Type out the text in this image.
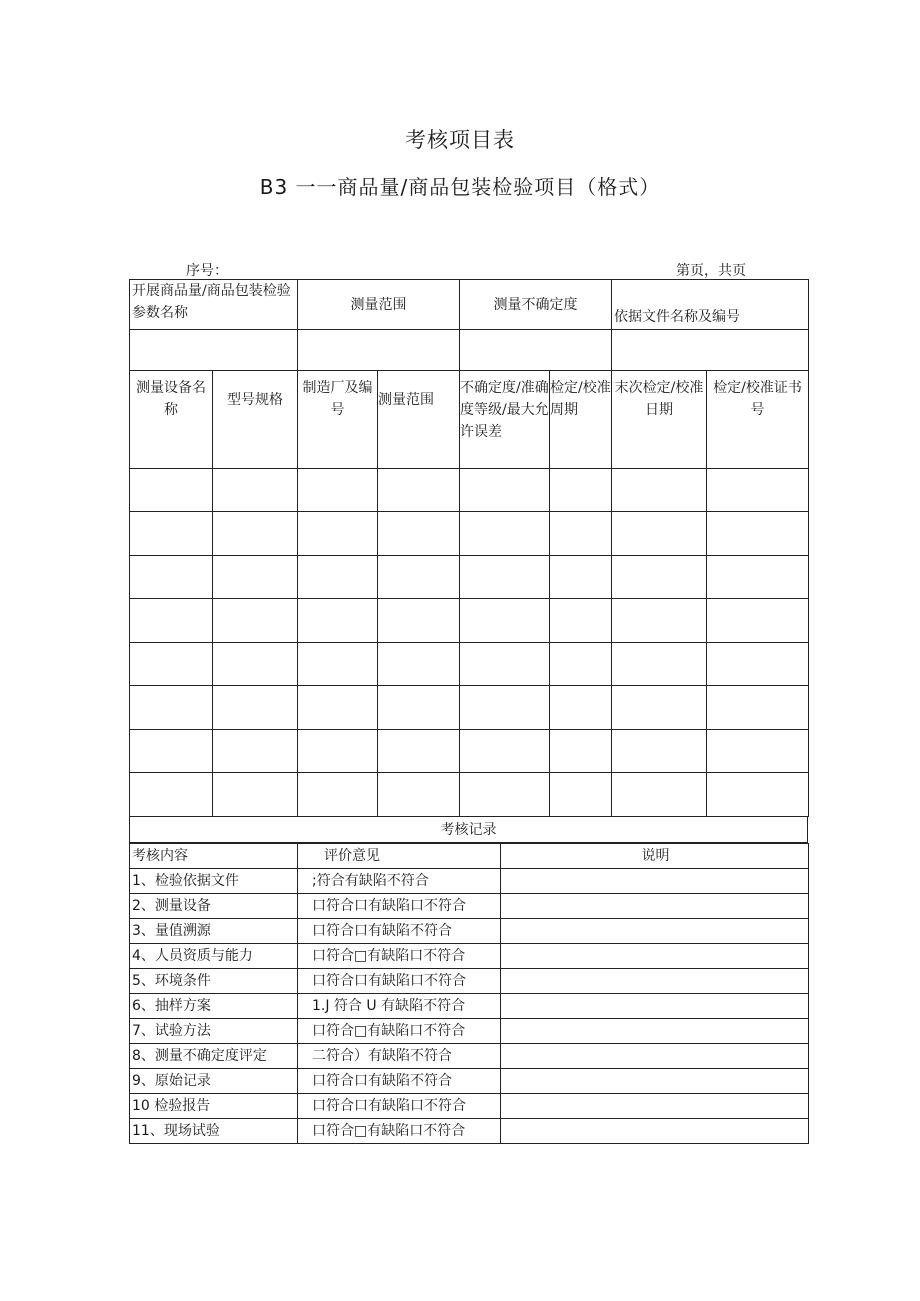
考核项目表
B3 一一商品量/商品包装检验项目（格式）
序号：	第页，共页
开展商品量/商品包装检验参数名称		测量范围		测量不确定度		依据文件名称及编号	

测量设备名称	型号规格	制造厂及编号	测量范围	不确定度/准确度等级/最大允许误差	检定/校准周期	末次检定/校准日期	检定/校准证书号

考核记录
考核内容	评价意见	说明
1、检验依据文件	;符合有缺陷不符合	
2、测量设备	口符合口有缺陷口不符合	
3、量值溯源	口符合口有缺陷不符合	
4、人员资质与能力	口符合□有缺陷口不符合	
5、环境条件	口符合口有缺陷口不符合	
6、抽样方案	1.J 符合 U 有缺陷不符合	
7、试验方法	口符合□有缺陷口不符合	
8、测量不确定度评定	二符合）有缺陷不符合	
9、原始记录	口符合口有缺陷不符合	
10 检验报告	口符合口有缺陷口不符合	
11、现场试验	口符合□有缺陷口不符合	
